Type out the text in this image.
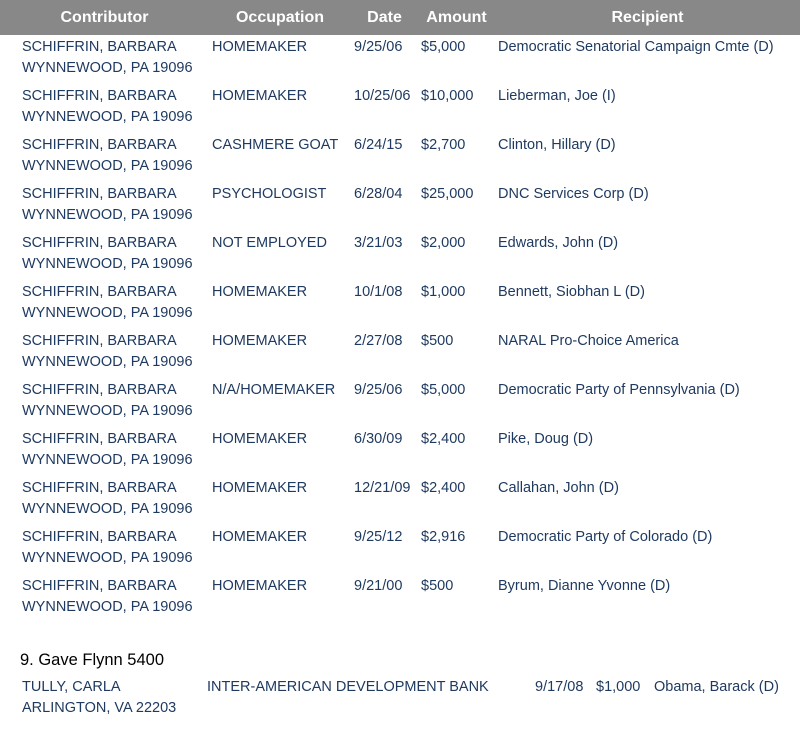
Contributor	Occupation	Date	Amount	Recipient

SCHIFFRIN, BARBARA
WYNNEWOOD, PA 19096	HOMEMAKER	9/25/06	$5,000	Democratic Senatorial Campaign Cmte (D)

SCHIFFRIN, BARBARA
WYNNEWOOD, PA 19096	HOMEMAKER	10/25/06	$10,000	Lieberman, Joe (I)

SCHIFFRIN, BARBARA
WYNNEWOOD, PA 19096	CASHMERE GOAT	6/24/15	$2,700	Clinton, Hillary (D)

SCHIFFRIN, BARBARA
WYNNEWOOD, PA 19096	PSYCHOLOGIST	6/28/04	$25,000	DNC Services Corp (D)

SCHIFFRIN, BARBARA
WYNNEWOOD, PA 19096	NOT EMPLOYED	3/21/03	$2,000	Edwards, John (D)

SCHIFFRIN, BARBARA
WYNNEWOOD, PA 19096	HOMEMAKER	10/1/08	$1,000	Bennett, Siobhan L (D)

SCHIFFRIN, BARBARA
WYNNEWOOD, PA 19096	HOMEMAKER	2/27/08	$500	NARAL Pro-Choice America

SCHIFFRIN, BARBARA
WYNNEWOOD, PA 19096	N/A/HOMEMAKER	9/25/06	$5,000	Democratic Party of Pennsylvania (D)

SCHIFFRIN, BARBARA
WYNNEWOOD, PA 19096	HOMEMAKER	6/30/09	$2,400	Pike, Doug (D)

SCHIFFRIN, BARBARA
WYNNEWOOD, PA 19096	HOMEMAKER	12/21/09	$2,400	Callahan, John (D)

SCHIFFRIN, BARBARA
WYNNEWOOD, PA 19096	HOMEMAKER	9/25/12	$2,916	Democratic Party of Colorado (D)

SCHIFFRIN, BARBARA
WYNNEWOOD, PA 19096	HOMEMAKER	9/21/00	$500	Byrum, Dianne Yvonne (D)
9. Gave Flynn 5400
TULLY, CARLA
ARLINGTON, VA 22203
INTER-AMERICAN DEVELOPMENT BANK	9/17/08 $1,000 Obama, Barack (D)
